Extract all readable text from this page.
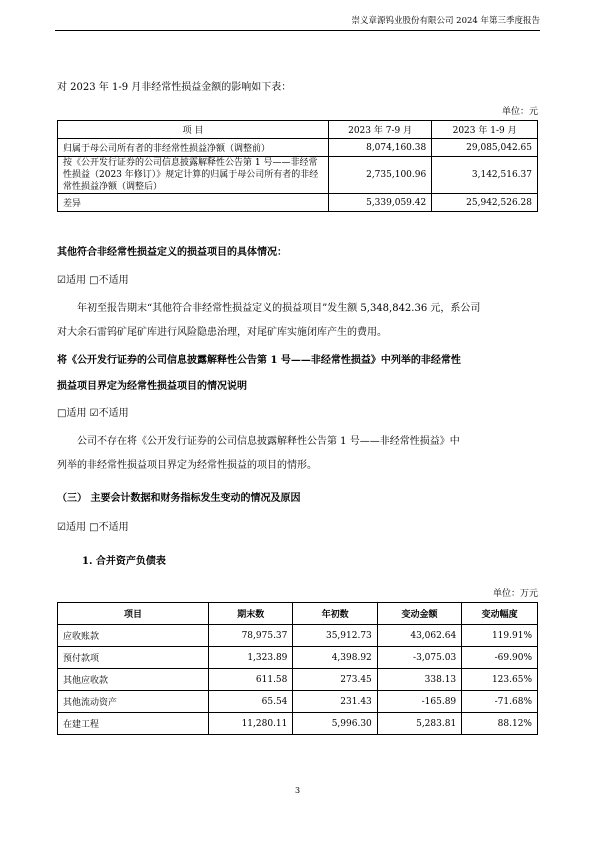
崇义章源钨业股份有限公司 2024 年第三季度报告
对 2023 年 1-9 月非经常性损益金额的影响如下表：
单位：元
项 目	2023 年 7-9 月	2023 年 1-9 月
归属于母公司所有者的非经常性损益净额（调整前）	8,074,160.38	29,085,042.65
按《公开发行证券的公司信息披露解释性公告第 1 号——非经常性损益（2023 年修订）》规定计算的归属于母公司所有者的非经常性损益净额（调整后）	2,735,100.96	3,142,516.37
差异	5,339,059.42	25,942,526.28
其他符合非经常性损益定义的损益项目的具体情况：
☑适用 □不适用
年初至报告期末“其他符合非经常性损益定义的损益项目”发生额 5,348,842.36 元，系公司
对大余石雷钨矿尾矿库进行风险隐患治理，对尾矿库实施闭库产生的费用。
将《公开发行证券的公司信息披露解释性公告第 1 号——非经常性损益》中列举的非经常性
损益项目界定为经常性损益项目的情况说明
□适用 ☑不适用
公司不存在将《公开发行证券的公司信息披露解释性公告第 1 号——非经常性损益》中
列举的非经常性损益项目界定为经常性损益的项目的情形。
（三） 主要会计数据和财务指标发生变动的情况及原因
☑适用 □不适用
1. 合并资产负债表
单位：万元
项目	期末数	年初数	变动金额	变动幅度
应收账款	78,975.37	35,912.73	43,062.64	119.91%
预付款项	1,323.89	4,398.92	-3,075.03	-69.90%
其他应收款	611.58	273.45	338.13	123.65%
其他流动资产	65.54	231.43	-165.89	-71.68%
在建工程	11,280.11	5,996.30	5,283.81	88.12%
3
